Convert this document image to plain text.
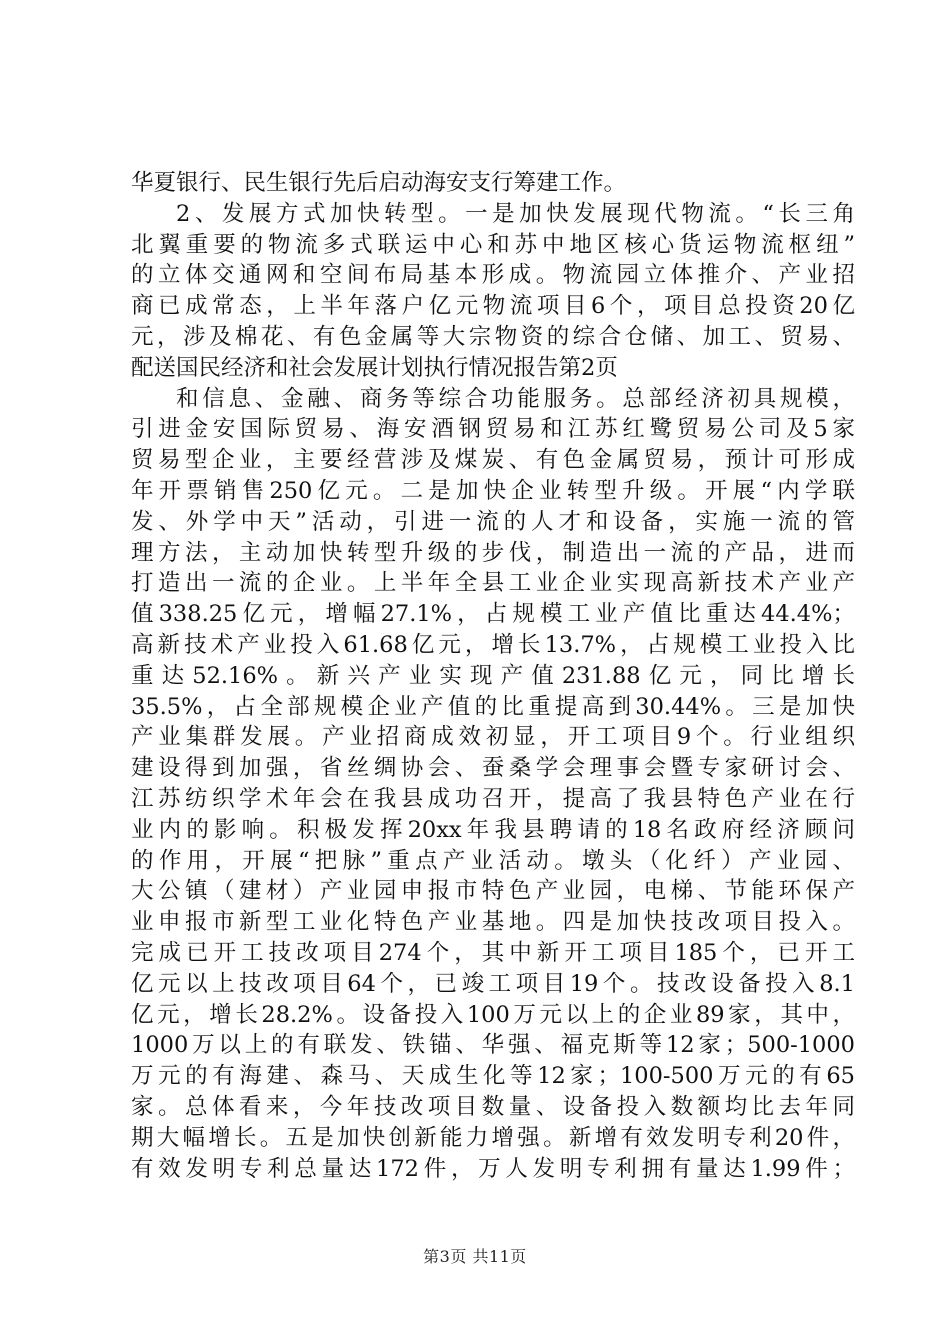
华夏银行、民生银行先后启动海安支行筹建工作。
2、发展方式加快转型。一是加快发展现代物流。“长三角
北翼重要的物流多式联运中心和苏中地区核心货运物流枢纽”
的立体交通网和空间布局基本形成。物流园立体推介、产业招
商已成常态，上半年落户亿元物流项目6个，项目总投资20亿
元，涉及棉花、有色金属等大宗物资的综合仓储、加工、贸易、
配送国民经济和社会发展计划执行情况报告第2页
和信息、金融、商务等综合功能服务。总部经济初具规模，
引进金安国际贸易、海安酒钢贸易和江苏红鹭贸易公司及5家
贸易型企业，主要经营涉及煤炭、有色金属贸易，预计可形成
年开票销售250亿元。二是加快企业转型升级。开展“内学联
发、外学中天”活动，引进一流的人才和设备，实施一流的管
理方法，主动加快转型升级的步伐，制造出一流的产品，进而
打造出一流的企业。上半年全县工业企业实现高新技术产业产
值338.25亿元，增幅27.1%，占规模工业产值比重达44.4%；
高新技术产业投入61.68亿元，增长13.7%，占规模工业投入比
重达52.16%。新兴产业实现产值231.88亿元，同比增长
35.5%，占全部规模企业产值的比重提高到30.44%。三是加快
产业集群发展。产业招商成效初显，开工项目9个。行业组织
建设得到加强，省丝绸协会、蚕桑学会理事会暨专家研讨会、
江苏纺织学术年会在我县成功召开，提高了我县特色产业在行
业内的影响。积极发挥20xx年我县聘请的18名政府经济顾问
的作用，开展“把脉”重点产业活动。墩头（化纤）产业园、
大公镇（建材）产业园申报市特色产业园，电梯、节能环保产
业申报市新型工业化特色产业基地。四是加快技改项目投入。
完成已开工技改项目274个，其中新开工项目185个，已开工
亿元以上技改项目64个，已竣工项目19个。技改设备投入8.1
亿元，增长28.2%。设备投入100万元以上的企业89家，其中，
1000万以上的有联发、铁锚、华强、福克斯等12家；500-1000
万元的有海建、森马、天成生化等12家；100-500万元的有65
家。总体看来，今年技改项目数量、设备投入数额均比去年同
期大幅增长。五是加快创新能力增强。新增有效发明专利20件，
有效发明专利总量达172件，万人发明专利拥有量达1.99件；
第3页 共11页
